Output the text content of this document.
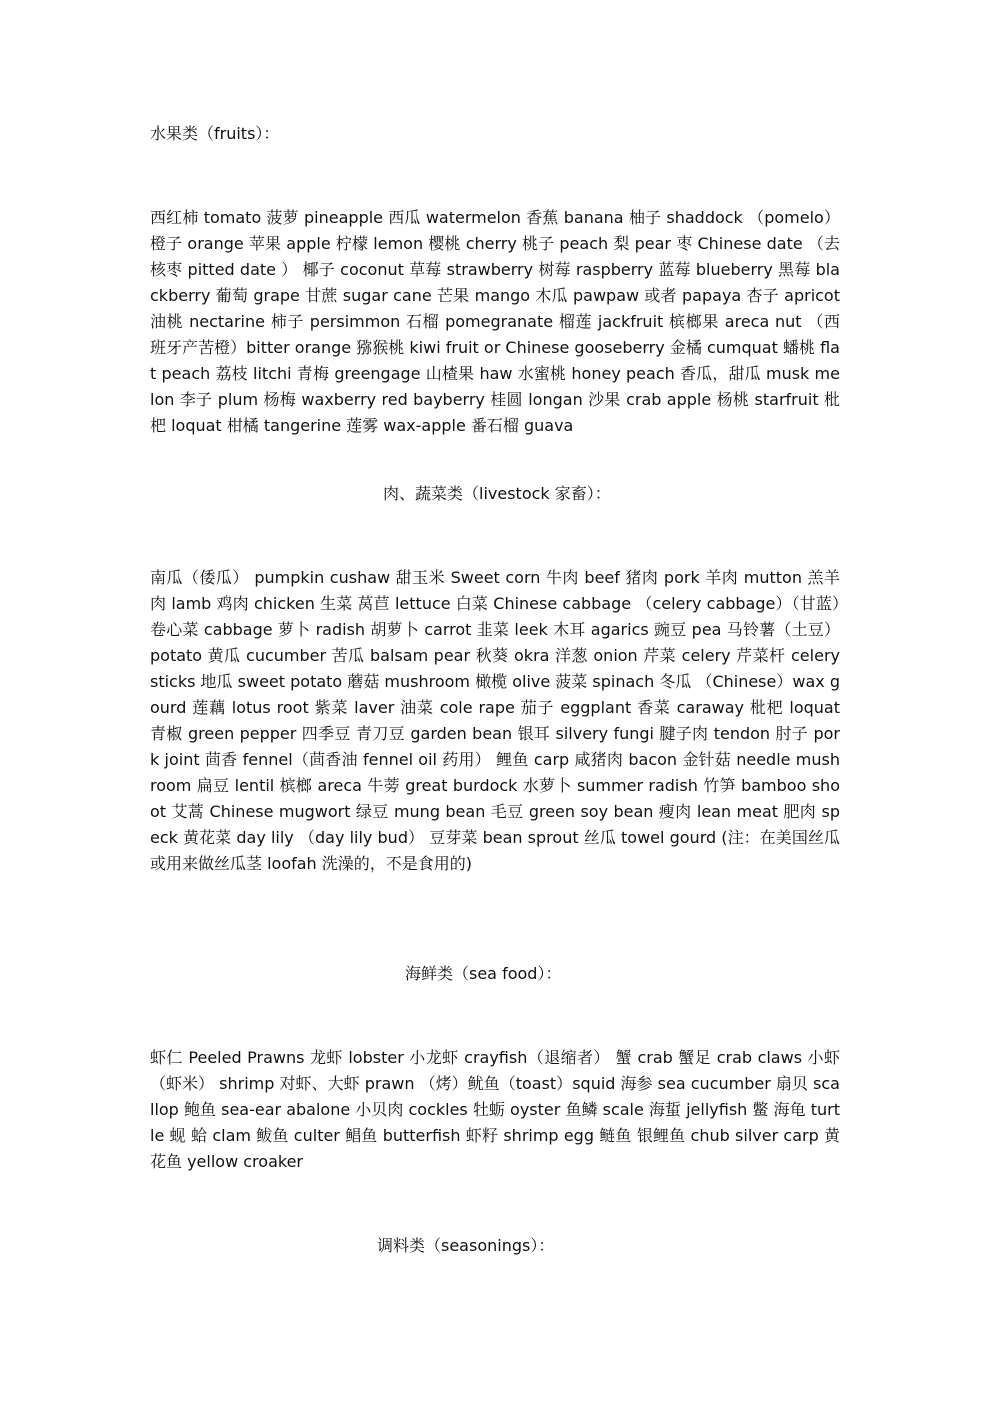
水果类（fruits）：
西红柿 tomato 菠萝 pineapple 西瓜 watermelon 香蕉 banana 柚子 shaddock （pomelo） 橙子 orange 苹果 apple 柠檬 lemon 樱桃 cherry 桃子 peach 梨 pear 枣 Chinese date （去核枣 pitted date ） 椰子 coconut 草莓 strawberry 树莓 raspberry 蓝莓 blueberry 黑莓 blackberry 葡萄 grape 甘蔗 sugar cane 芒果 mango 木瓜 pawpaw 或者 papaya 杏子 apricot 油桃 nectarine 柿子 persimmon 石榴 pomegranate 榴莲 jackfruit 槟榔果 areca nut （西班牙产苦橙）bitter orange 猕猴桃 kiwi fruit or Chinese gooseberry 金橘 cumquat 蟠桃 flat peach 荔枝 litchi 青梅 greengage 山楂果 haw 水蜜桃 honey peach 香瓜，甜瓜 musk melon 李子 plum 杨梅 waxberry red bayberry 桂圆 longan 沙果 crab apple 杨桃 starfruit 枇杷 loquat 柑橘 tangerine 莲雾 wax-apple 番石榴 guava
肉、蔬菜类（livestock 家畜）：
南瓜（倭瓜） pumpkin cushaw 甜玉米 Sweet corn 牛肉 beef 猪肉 pork 羊肉 mutton 羔羊肉 lamb 鸡肉 chicken 生菜 莴苣 lettuce 白菜 Chinese cabbage （celery cabbage）（甘蓝）卷心菜 cabbage 萝卜 radish 胡萝卜 carrot 韭菜 leek 木耳 agarics 豌豆 pea 马铃薯（土豆） potato 黄瓜 cucumber 苦瓜 balsam pear 秋葵 okra 洋葱 onion 芹菜 celery 芹菜杆 celery sticks 地瓜 sweet potato 蘑菇 mushroom 橄榄 olive 菠菜 spinach 冬瓜 （Chinese）wax gourd 莲藕 lotus root 紫菜 laver 油菜 cole rape 茄子 eggplant 香菜 caraway 枇杷 loquat 青椒 green pepper 四季豆 青刀豆 garden bean 银耳 silvery fungi 腱子肉 tendon 肘子 pork joint 茴香 fennel（茴香油 fennel oil 药用） 鲤鱼 carp 咸猪肉 bacon 金针菇 needle mushroom 扁豆 lentil 槟榔 areca 牛蒡 great burdock 水萝卜 summer radish 竹笋 bamboo shoot 艾蒿 Chinese mugwort 绿豆 mung bean 毛豆 green soy bean 瘦肉 lean meat 肥肉 speck 黄花菜 day lily （day lily bud） 豆芽菜 bean sprout 丝瓜 towel gourd (注：在美国丝瓜或用来做丝瓜茎 loofah 洗澡的，不是食用的)
海鲜类（sea food）：
虾仁 Peeled Prawns 龙虾 lobster 小龙虾 crayfish（退缩者） 蟹 crab 蟹足 crab claws 小虾（虾米） shrimp 对虾、大虾 prawn （烤）鱿鱼（toast）squid 海参 sea cucumber 扇贝 scallop 鲍鱼 sea-ear abalone 小贝肉 cockles 牡蛎 oyster 鱼鳞 scale 海蜇 jellyfish 鳖 海龟 turtle 蚬 蛤 clam 鲅鱼 culter 鲳鱼 butterfish 虾籽 shrimp egg 鲢鱼 银鲤鱼 chub silver carp 黄花鱼 yellow croaker
调料类（seasonings）：
